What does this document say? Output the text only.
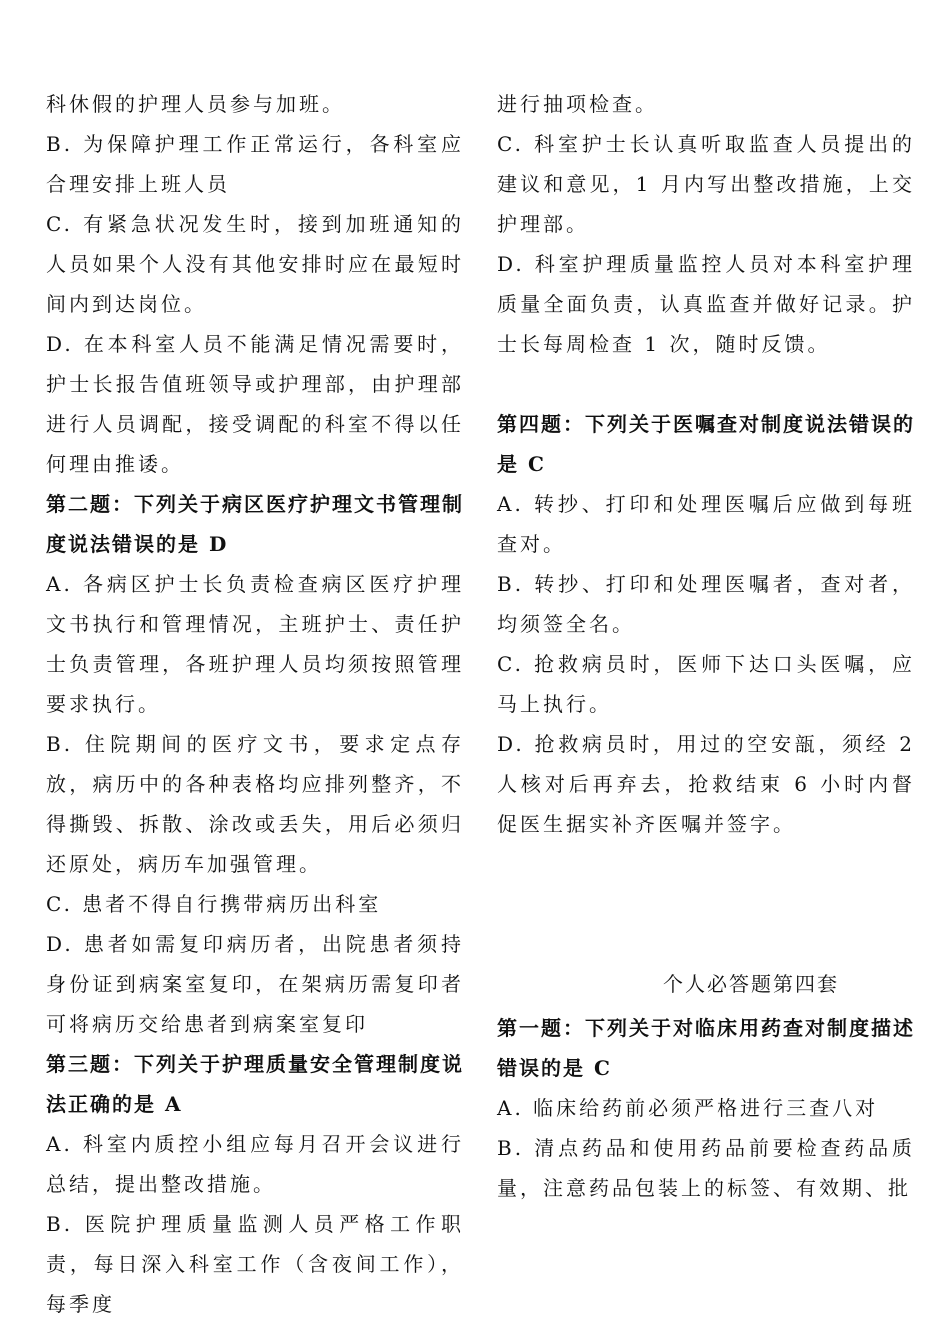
科休假的护理人员参与加班。

B. 为保障护理工作正常运行，各科室应合理安排上班人员

C. 有紧急状况发生时，接到加班通知的人员如果个人没有其他安排时应在最短时间内到达岗位。

D. 在本科室人员不能满足情况需要时，护士长报告值班领导或护理部，由护理部进行人员调配，接受调配的科室不得以任何理由推诿。

第二题：下列关于病区医疗护理文书管理制度说法错误的是 D

A. 各病区护士长负责检查病区医疗护理文书执行和管理情况，主班护士、责任护士负责管理，各班护理人员均须按照管理要求执行。

B. 住院期间的医疗文书，要求定点存放，病历中的各种表格均应排列整齐，不得撕毁、拆散、涂改或丢失，用后必须归还原处，病历车加强管理。

C. 患者不得自行携带病历出科室

D. 患者如需复印病历者，出院患者须持身份证到病案室复印，在架病历需复印者可将病历交给患者到病案室复印

第三题：下列关于护理质量安全管理制度说法正确的是 A

A. 科室内质控小组应每月召开会议进行总结，提出整改措施。

B. 医院护理质量监测人员严格工作职责，每日深入科室工作（含夜间工作），每季度

进行抽项检查。

C. 科室护士长认真听取监查人员提出的建议和意见，1 月内写出整改措施，上交护理部。

D. 科室护理质量监控人员对本科室护理质量全面负责，认真监查并做好记录。护士长每周检查 1 次，随时反馈。

第四题：下列关于医嘱查对制度说法错误的是 C

A. 转抄、打印和处理医嘱后应做到每班查对。

B. 转抄、打印和处理医嘱者，查对者，均须签全名。

C. 抢救病员时，医师下达口头医嘱，应马上执行。

D. 抢救病员时，用过的空安瓿，须经 2 人核对后再弃去，抢救结束 6 小时内督促医生据实补齐医嘱并签字。

个人必答题第四套

第一题：下列关于对临床用药查对制度描述错误的是 C

A. 临床给药前必须严格进行三查八对

B. 清点药品和使用药品前要检查药品质量，注意药品包装上的标签、有效期、批
